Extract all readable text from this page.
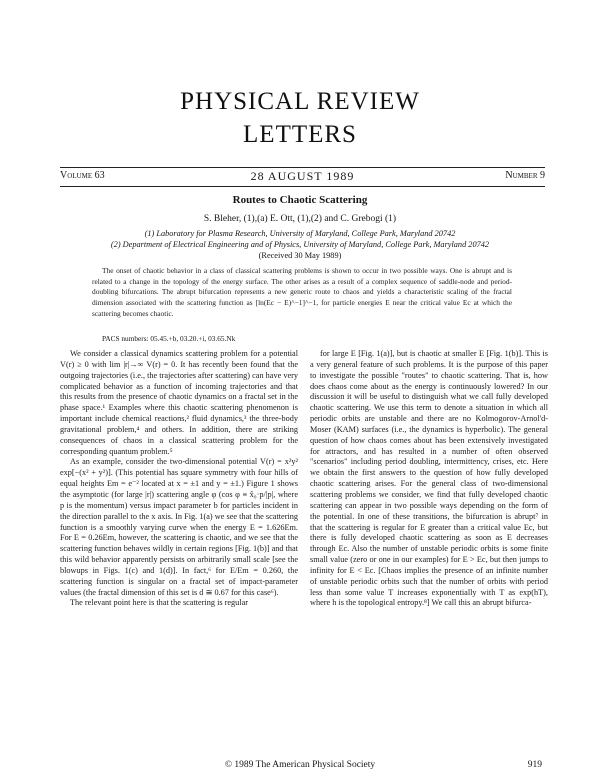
PHYSICAL REVIEW
LETTERS
Volume 63	28 AUGUST 1989	Number 9
Routes to Chaotic Scattering
S. Bleher, (1),(a) E. Ott, (1),(2) and C. Grebogi (1)
(1) Laboratory for Plasma Research, University of Maryland, College Park, Maryland 20742
(2) Department of Electrical Engineering and of Physics, University of Maryland, College Park, Maryland 20742
(Received 30 May 1989)

The onset of chaotic behavior in a class of classical scattering problems is shown to occur in two possible ways. One is abrupt and is related to a change in the topology of the energy surface. The other arises as a result of a complex sequence of saddle-node and period-doubling bifurcations. The abrupt bifurcation represents a new generic route to chaos and yields a characteristic scaling of the fractal dimension associated with the scattering function as [ln(Ec − E)^−1]^−1, for particle energies E near the critical value Ec at which the scattering becomes chaotic.

PACS numbers: 05.45.+b, 03.20.+i, 03.65.Nk

We consider a classical dynamics scattering problem for a potential V(r) ≥ 0 with lim |r|→∞ V(r) = 0. It has recently been found that the outgoing trajectories (i.e., the trajectories after scattering) can have very complicated behavior as a function of incoming trajectories and that this results from the presence of chaotic dynamics on a fractal set in the phase space.¹ Examples where this chaotic scattering phenomenon is important include chemical reactions,² fluid dynamics,³ the three-body gravitational problem,⁴ and others. In addition, there are striking consequences of chaos in a classical scattering problem for the corresponding quantum problem.⁵

As an example, consider the two-dimensional potential V(r) = x²y² exp[−(x² + y²)]. (This potential has square symmetry with four hills of equal heights Em = e⁻² located at x = ±1 and y = ±1.) Figure 1 shows the asymptotic (for large |r|) scattering angle φ (cos φ ≡ x̂₀·p/|p|, where p is the momentum) versus impact parameter b for particles incident in the direction parallel to the x axis. In Fig. 1(a) we see that the scattering function is a smoothly varying curve when the energy E = 1.626Em. For E = 0.26Em, however, the scattering is chaotic, and we see that the scattering function behaves wildly in certain regions [Fig. 1(b)] and that this wild behavior apparently persists on arbitrarily small scale [see the blowups in Figs. 1(c) and 1(d)]. In fact,⁶ for E/Em = 0.260, the scattering function is singular on a fractal set of impact-parameter values (the fractal dimension of this set is d ≅ 0.67 for this case⁶).

The relevant point here is that the scattering is regular

for large E [Fig. 1(a)], but is chaotic at smaller E [Fig. 1(b)]. This is a very general feature of such problems. It is the purpose of this paper to investigate the possible "routes" to chaotic scattering. That is, how does chaos come about as the energy is continuously lowered? In our discussion it will be useful to distinguish what we call fully developed chaotic scattering. We use this term to denote a situation in which all periodic orbits are unstable and there are no Kolmogorov-Arnol'd-Moser (KAM) surfaces (i.e., the dynamics is hyperbolic). The general question of how chaos comes about has been extensively investigated for attractors, and has resulted in a number of often observed "scenarios" including period doubling, intermittency, crises, etc. Here we obtain the first answers to the question of how fully developed chaotic scattering arises. For the general class of two-dimensional scattering problems we consider, we find that fully developed chaotic scattering can appear in two possible ways depending on the form of the potential. In one of these transitions, the bifurcation is abrupt⁷ in that the scattering is regular for E greater than a critical value Ec, but there is fully developed chaotic scattering as soon as E decreases through Ec. Also the number of unstable periodic orbits is some finite small value (zero or one in our examples) for E > Ec, but then jumps to infinity for E < Ec. [Chaos implies the presence of an infinite number of unstable periodic orbits such that the number of orbits with period less than some value T increases exponentially with T as exp(hT), where h is the topological entropy.⁸] We call this an abrupt bifurca-

© 1989 The American Physical Society	919
